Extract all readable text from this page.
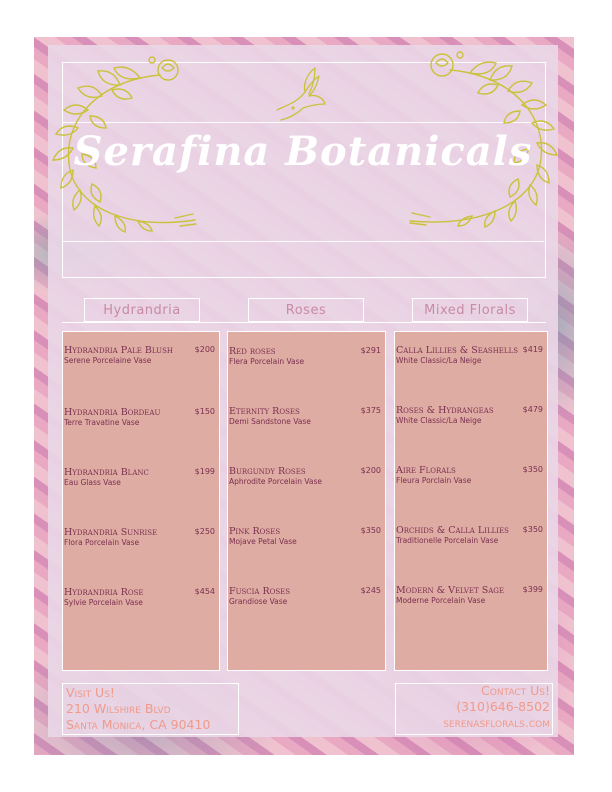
Serafina Botanicals
Hydrandria	Roses	Mixed Florals
Hydrandria Pale Blush	$200
Serene Porcelaine Vase
Hydrandria Bordeau	$150
Terre Travatine Vase
Hydrandria Blanc	$199
Eau Glass Vase
Hydrandria Sunrise	$250
Flora Porcelain Vase
Hydrandria Rose	$454
Sylvie Porcelain Vase
Red roses	$291
Flera Porcelain Vase
Eternity Roses	$375
Demi Sandstone Vase
Burgundy Roses	$200
Aphrodite Porcelain Vase
Pink Roses	$350
Mojave Petal Vase
Fuscia Roses	$245
Grandiose Vase
Calla Lillies & Seashells $419
White Classic/La Neige
Roses & Hydrangeas	$479
White Classic/La Neige
Aire Florals	$350
Fleura Porclain Vase
Orchids & Calla Lillies $350
Traditionelle Porcelain Vase
Modern & Velvet Sage $399
Moderne Porcelain Vase
Visit Us!
210 Wilshire Blvd
Santa Monica, CA 90410
Contact Us!
(310)646-8502
serenasflorals.com
